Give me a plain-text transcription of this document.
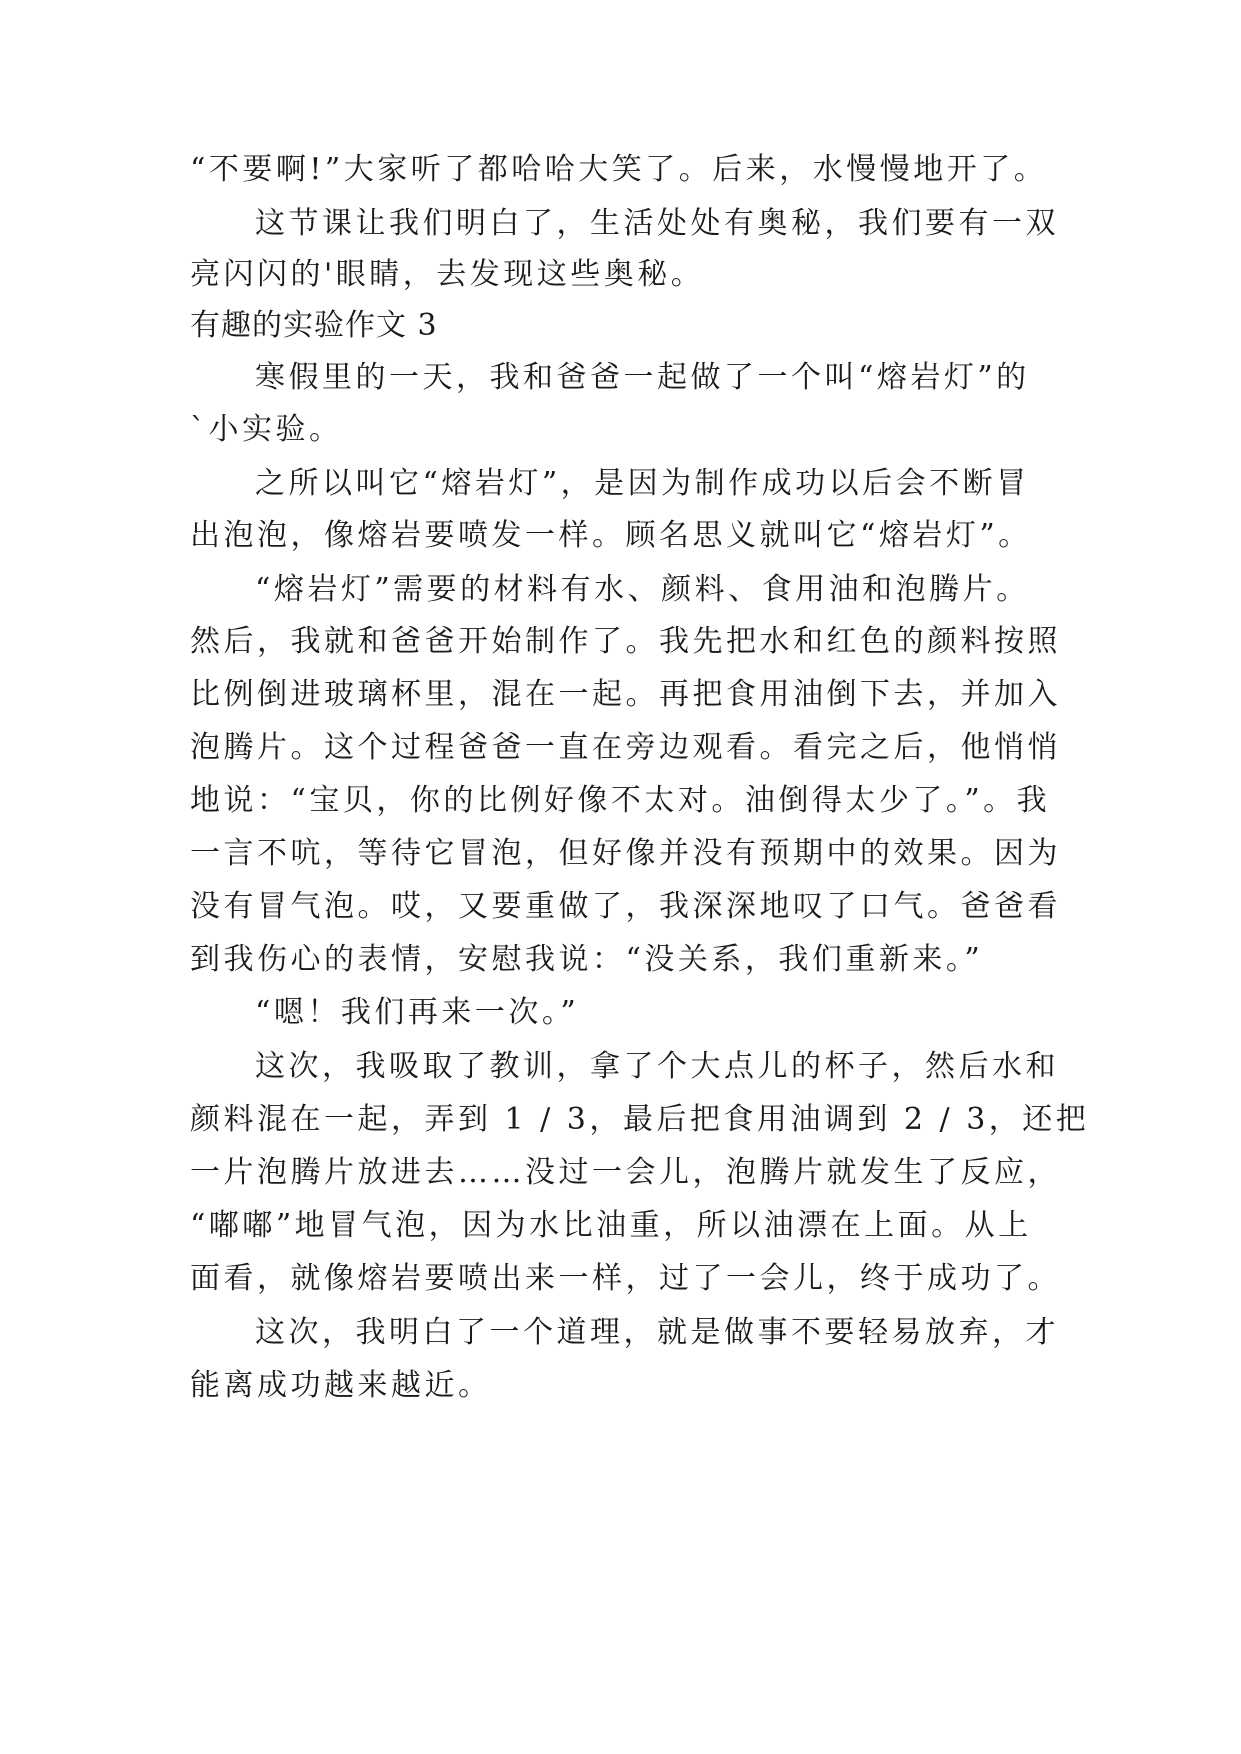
“不要啊!”大家听了都哈哈大笑了。后来，水慢慢地开了。
这节课让我们明白了，生活处处有奥秘，我们要有一双
亮闪闪的'眼睛，去发现这些奥秘。
有趣的实验作文 3
寒假里的一天，我和爸爸一起做了一个叫“熔岩灯”的
`小实验。
之所以叫它“熔岩灯”，是因为制作成功以后会不断冒
出泡泡，像熔岩要喷发一样。顾名思义就叫它“熔岩灯”。
“熔岩灯”需要的材料有水、颜料、食用油和泡腾片。
然后，我就和爸爸开始制作了。我先把水和红色的颜料按照
比例倒进玻璃杯里，混在一起。再把食用油倒下去，并加入
泡腾片。这个过程爸爸一直在旁边观看。看完之后，他悄悄
地说：“宝贝，你的比例好像不太对。油倒得太少了。”。我
一言不吭，等待它冒泡，但好像并没有预期中的效果。因为
没有冒气泡。哎，又要重做了，我深深地叹了口气。爸爸看
到我伤心的表情，安慰我说：“没关系，我们重新来。”
“嗯！我们再来一次。”
这次，我吸取了教训，拿了个大点儿的杯子，然后水和
颜料混在一起，弄到 1 / 3，最后把食用油调到 2 / 3，还把
一片泡腾片放进去……没过一会儿，泡腾片就发生了反应，
“嘟嘟”地冒气泡，因为水比油重，所以油漂在上面。从上
面看，就像熔岩要喷出来一样，过了一会儿，终于成功了。
这次，我明白了一个道理，就是做事不要轻易放弃，才
能离成功越来越近。
